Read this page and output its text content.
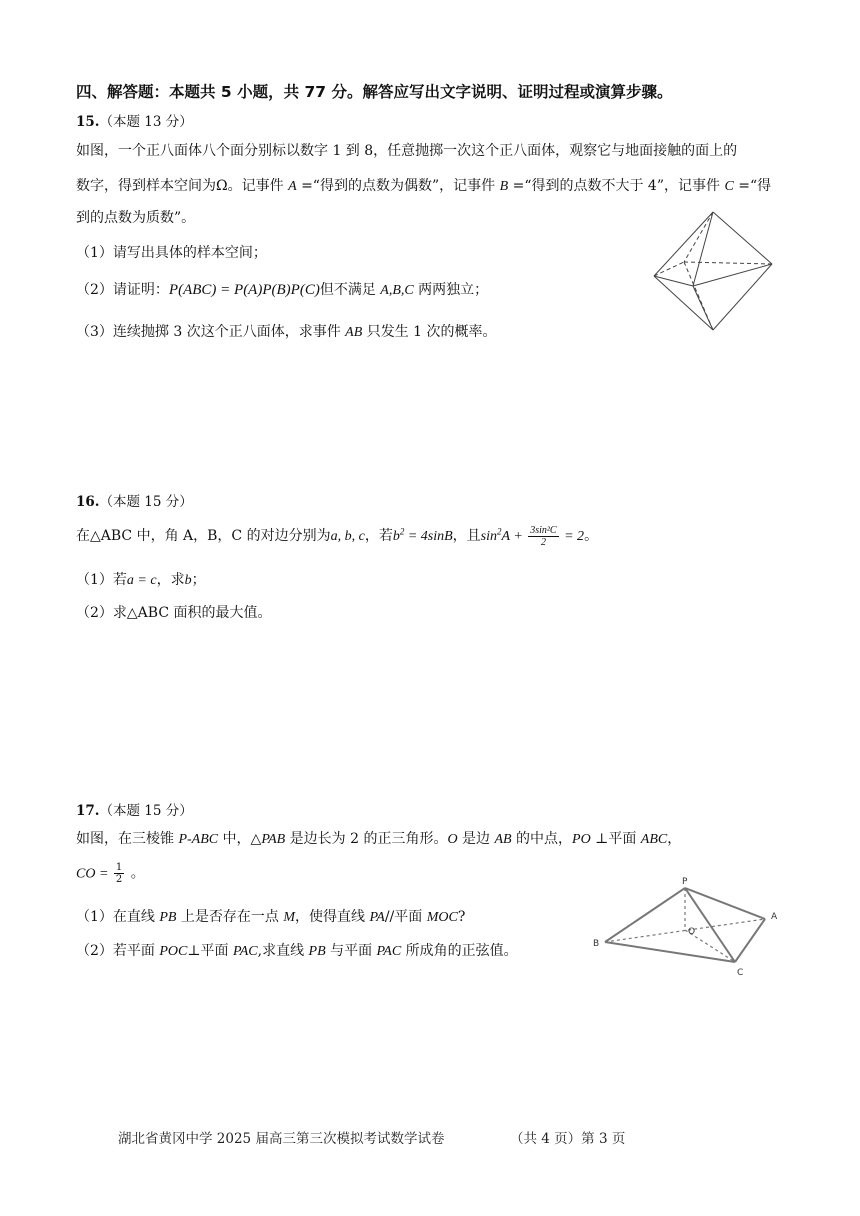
四、解答题：本题共 5 小题，共 77 分。解答应写出文字说明、证明过程或演算步骤。
15.（本题 13 分）
如图，一个正八面体八个面分别标以数字 1 到 8，任意抛掷一次这个正八面体，观察它与地面接触的面上的
数字，得到样本空间为Ω。记事件 A =“得到的点数为偶数”，记事件 B =“得到的点数不大于 4”，记事件 C =“得
到的点数为质数”。
（1）请写出具体的样本空间；
（2）请证明：P(ABC) = P(A)P(B)P(C)但不满足 A,B,C 两两独立；
（3）连续抛掷 3 次这个正八面体，求事件 AB 只发生 1 次的概率。
16.（本题 15 分）
在△ABC 中，角 A，B，C 的对边分别为a, b, c，若$b^2 = 4\sin B$，且$\sin^2A + \frac{\text{3sin²C}}{2} = 2$。
（1）若a = c，求b；
（2）求△ABC 面积的最大值。
17.（本题 15 分）
如图，在三棱锥 P-ABC 中，△PAB 是边长为 2 的正三角形。O 是边 AB 的中点，PO ⊥平面 ABC，
CO = $\frac{1}{2}$ 。
（1）在直线 PB 上是否存在一点 M，使得直线 PA//平面 MOC?
（2）若平面 POC⊥平面 PAC,求直线 PB 与平面 PAC 所成角的正弦值。
P
A
B
C
O
湖北省黄冈中学 2025 届高三第三次模拟考试数学试卷	（共 4 页）第 3 页
